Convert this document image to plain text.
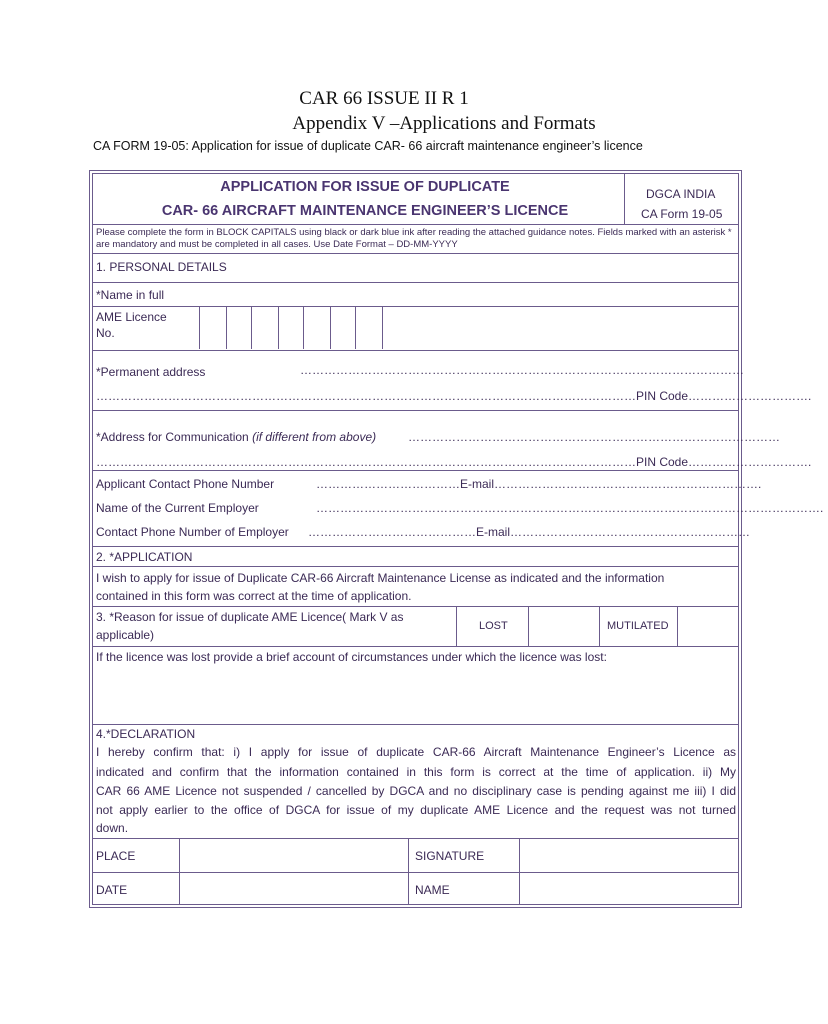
CAR 66 ISSUE II R 1
Appendix V –Applications and Formats
CA FORM 19-05: Application for issue of duplicate CAR- 66 aircraft maintenance engineer’s licence
APPLICATION FOR ISSUE OF DUPLICATE
CAR- 66 AIRCRAFT MAINTENANCE ENGINEER’S LICENCE
DGCA INDIA
CA Form 19-05
Please complete the form in BLOCK CAPITALS using black or dark blue ink after reading the attached guidance notes. Fields marked with an asterisk * are mandatory and must be completed in all cases. Use Date Format – DD-MM-YYYY
1. PERSONAL DETAILS
*Name in full
AME Licence
No.
*Permanent address	…………………………………………………………………………………………………
………………………………………………………………………………………………………………………PIN Code………………………….
*Address for Communication (if different from above)	…………………………………………………………………………………
………………………………………………………………………………………………………………………PIN Code………………………….
Applicant Contact Phone Number	………………………………E-mail………………………………………………………….
Name of the Current Employer	……………………………………………………………………………………………………………….
Contact Phone Number of Employer ……………………………………E-mail……………………………………………………
2. *APPLICATION
I wish to apply for issue of Duplicate CAR-66 Aircraft Maintenance License as indicated and the information
contained in this form was correct at the time of application.
3. *Reason for issue of duplicate AME Licence( Mark V as
applicable)
LOST	MUTILATED
If the licence was lost provide a brief account of circumstances under which the licence was lost:
4.*DECLARATION
I hereby confirm that: i) I apply for issue of duplicate CAR-66 Aircraft Maintenance Engineer’s Licence as
indicated and confirm that the information contained in this form is correct at the time of application. ii) My
CAR 66 AME Licence not suspended / cancelled by DGCA and no disciplinary case is pending against me iii) I did
not apply earlier to the office of DGCA for issue of my duplicate AME Licence and the request was not turned
down.
PLACE	SIGNATURE
DATE	NAME
